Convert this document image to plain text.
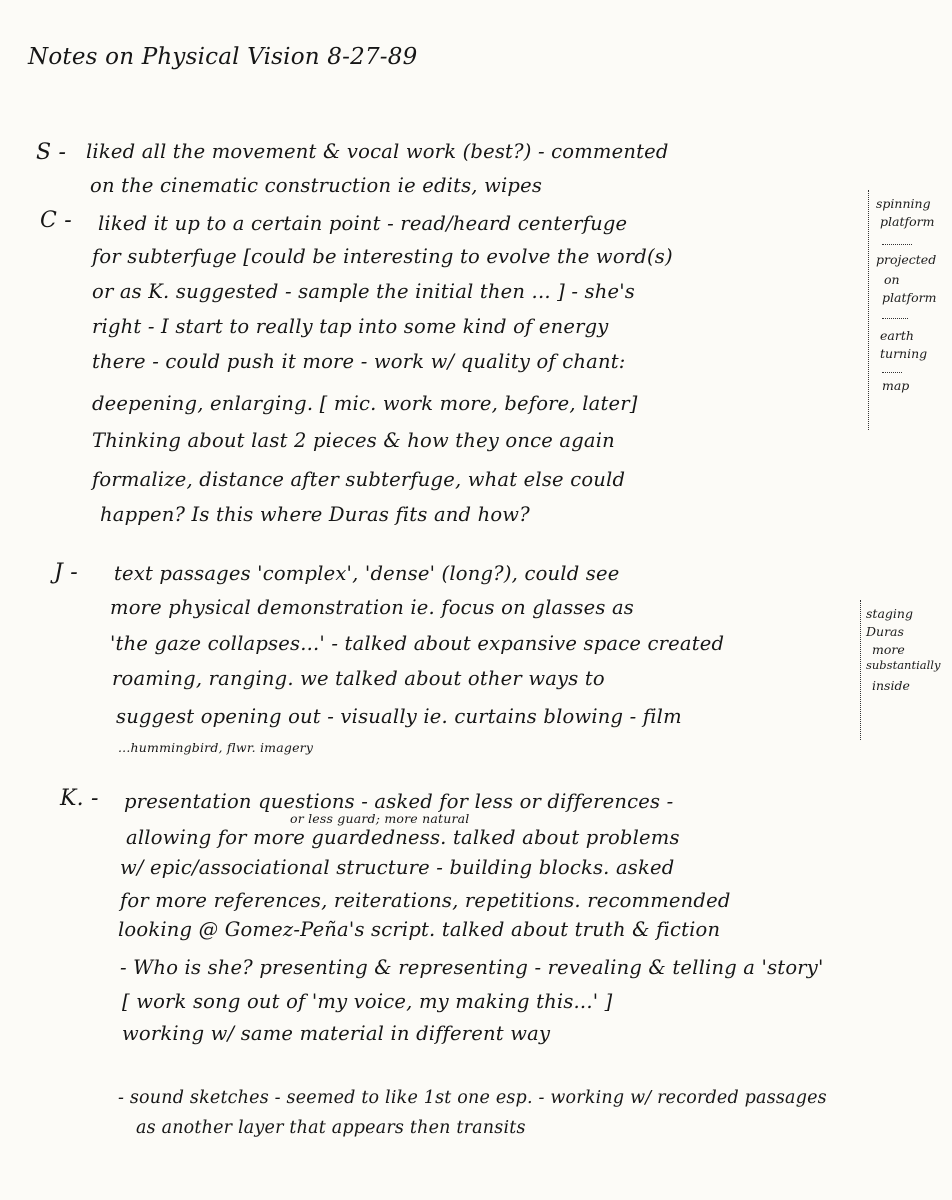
Notes on Physical Vision 8-27-89
S - liked all the movement & vocal work (best?) - commented
on the cinematic construction ie edits, wipes
C - liked it up to a certain point - read/heard centerfuge
for subterfuge [could be interesting to evolve the word(s)
or as K. suggested - sample the initial then ... ] - she's
right - I start to really tap into some kind of energy
there - could push it more - work w/ quality of chant:
deepening, enlarging. [ mic. work more, before, later]
Thinking about last 2 pieces & how they once again
formalize, distance after subterfuge, what else could
happen? Is this where Duras fits and how?
spinning
platform
projected
on
platform
earth
turning
map
J - text passages 'complex', 'dense' (long?), could see
more physical demonstration ie. focus on glasses as
'the gaze collapses...' - talked about expansive space created
roaming, ranging. we talked about other ways to
suggest opening out - visually ie. curtains blowing - film
...hummingbird, flwr. imagery
staging
Duras
more
substantially
inside
K. - presentation questions - asked for less or differences -
or less guard; more natural
allowing for more guardedness. talked about problems
w/ epic/associational structure - building blocks. asked
for more references, reiterations, repetitions. recommended
looking @ Gomez-Peña's script. talked about truth & fiction
- Who is she? presenting & representing - revealing & telling a 'story'
[ work song out of 'my voice, my making this...' ]
working w/ same material in different way
- sound sketches - seemed to like 1st one esp. - working w/ recorded passages
as another layer that appears then transits
